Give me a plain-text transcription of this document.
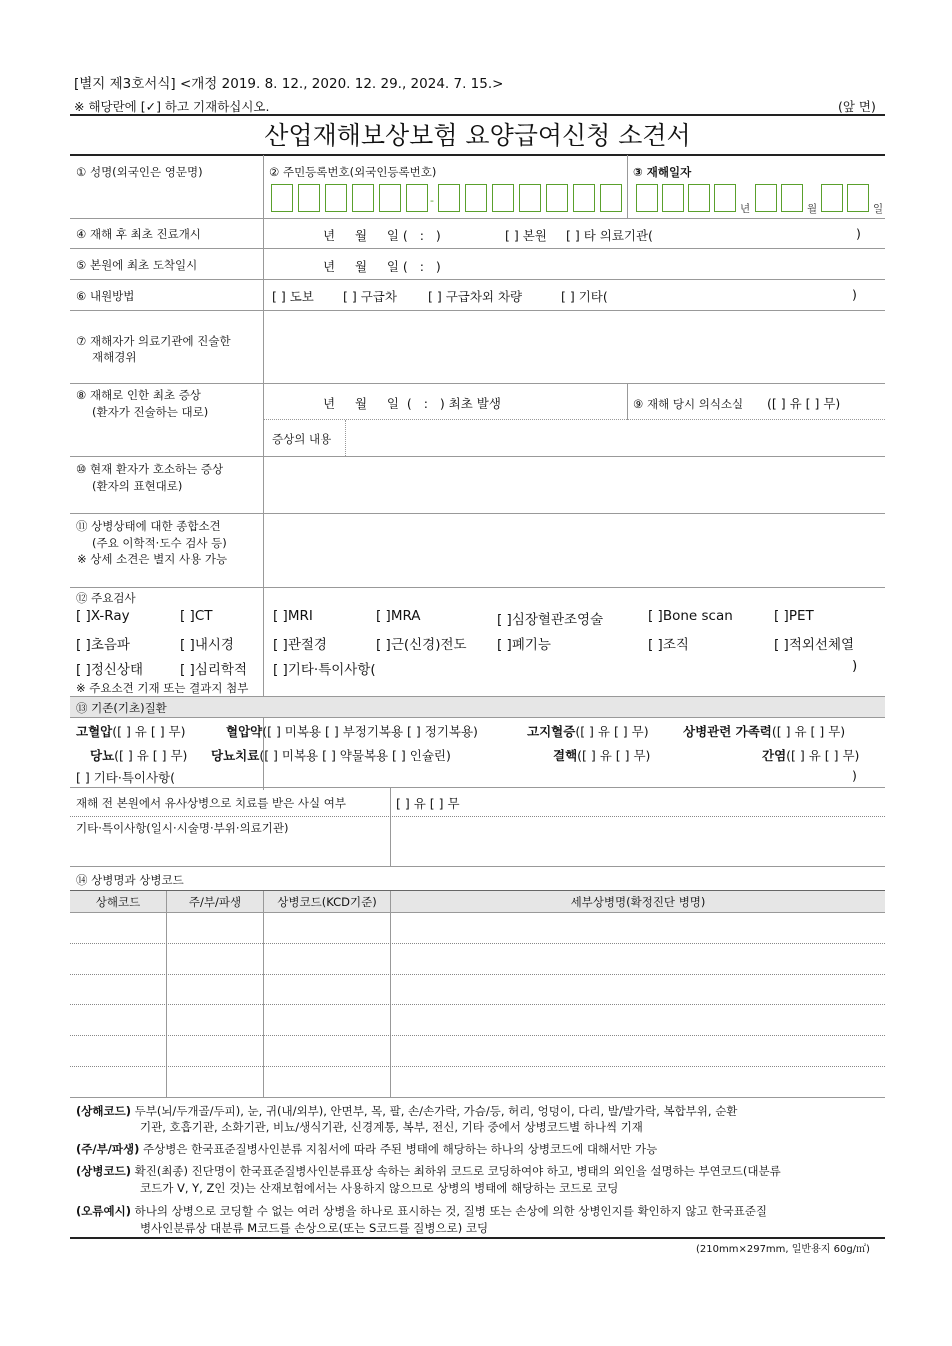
[별지 제3호서식] <개정 2019. 8. 12., 2020. 12. 29., 2024. 7. 15.>
※ 해당란에 [✓] 하고 기재하십시오.	(앞 면)
산업재해보상보험 요양급여신청 소견서
① 성명(외국인은 영문명)	② 주민등록번호(외국인등록번호)	③ 재해일자
-
년	월	일
④ 재해 후 최초 진료개시	년     월     일 (   :   )	[ ] 본원 [ ] 타 의료기관(	)
⑤ 본원에 최초 도착일시	년     월     일 (   :   )
⑥ 내원방법	[ ] 도보 [ ] 구급차 [ ] 구급차외 차량	[ ] 기타(	)
⑦ 재해자가 의료기관에 진술한
재해경위
⑧ 재해로 인한 최초 증상
(환자가 진술하는 대로)
년     월     일  (   :   ) 최초 발생	⑨ 재해 당시 의식소실 ([ ] 유 [ ] 무)
증상의 내용
⑩ 현재 환자가 호소하는 증상
(환자의 표현대로)
⑪ 상병상태에 대한 종합소견
(주요 이학적·도수 검사 등)
※ 상세 소견은 별지 사용 가능
⑫ 주요검사
[ ]X-Ray	[ ]CT	[ ]MRI	[ ]MRA	[ ]심장혈관조영술	[ ]Bone scan	[ ]PET
[ ]초음파	[ ]내시경	[ ]관절경	[ ]근(신경)전도 [ ]폐기능	[ ]조직	[ ]적외선체열
[ ]정신상태	[ ]심리학적 [ ]기타·특이사항(	)
※ 주요소견 기재 또는 결과지 첨부
⑬ 기존(기초)질환
고혈압([ ] 유 [ ] 무)	혈압약([ ] 미복용 [ ] 부정기복용 [ ] 정기복용)	고지혈증([ ] 유 [ ] 무)	상병관련 가족력([ ] 유 [ ] 무)
당뇨([ ] 유 [ ] 무) 당뇨치료([ ] 미복용 [ ] 약물복용 [ ] 인슐린)	결핵([ ] 유 [ ] 무)	간염([ ] 유 [ ] 무)
[ ] 기타·특이사항(	)
재해 전 본원에서 유사상병으로 치료를 받은 사실 여부	[ ] 유 [ ] 무
기타·특이사항(일시·시술명·부위·의료기관)
⑭ 상병명과 상병코드
상해코드	주/부/파생	상병코드(KCD기준)	세부상병명(확정진단 병명)
(상해코드) 두부(뇌/두개골/두피), 눈, 귀(내/외부), 안면부, 목, 팔, 손/손가락, 가슴/등, 허리, 엉덩이, 다리, 발/발가락, 복합부위, 순환
기관, 호흡기관, 소화기관, 비뇨/생식기관, 신경계통, 복부, 전신, 기타 중에서 상병코드별 하나씩 기재
(주/부/파생) 주상병은 한국표준질병사인분류 지침서에 따라 주된 병태에 해당하는 하나의 상병코드에 대해서만 가능
(상병코드) 확진(최종) 진단명이 한국표준질병사인분류표상 속하는 최하위 코드로 코딩하여야 하고, 병태의 외인을 설명하는 부연코드(대분류
코드가 V, Y, Z인 것)는 산재보험에서는 사용하지 않으므로 상병의 병태에 해당하는 코드로 코딩
(오류예시) 하나의 상병으로 코딩할 수 없는 여러 상병을 하나로 표시하는 것, 질병 또는 손상에 의한 상병인지를 확인하지 않고 한국표준질
병사인분류상 대분류 M코드를 손상으로(또는 S코드를 질병으로) 코딩
(210mm×297mm, 일반용지 60g/㎡)
